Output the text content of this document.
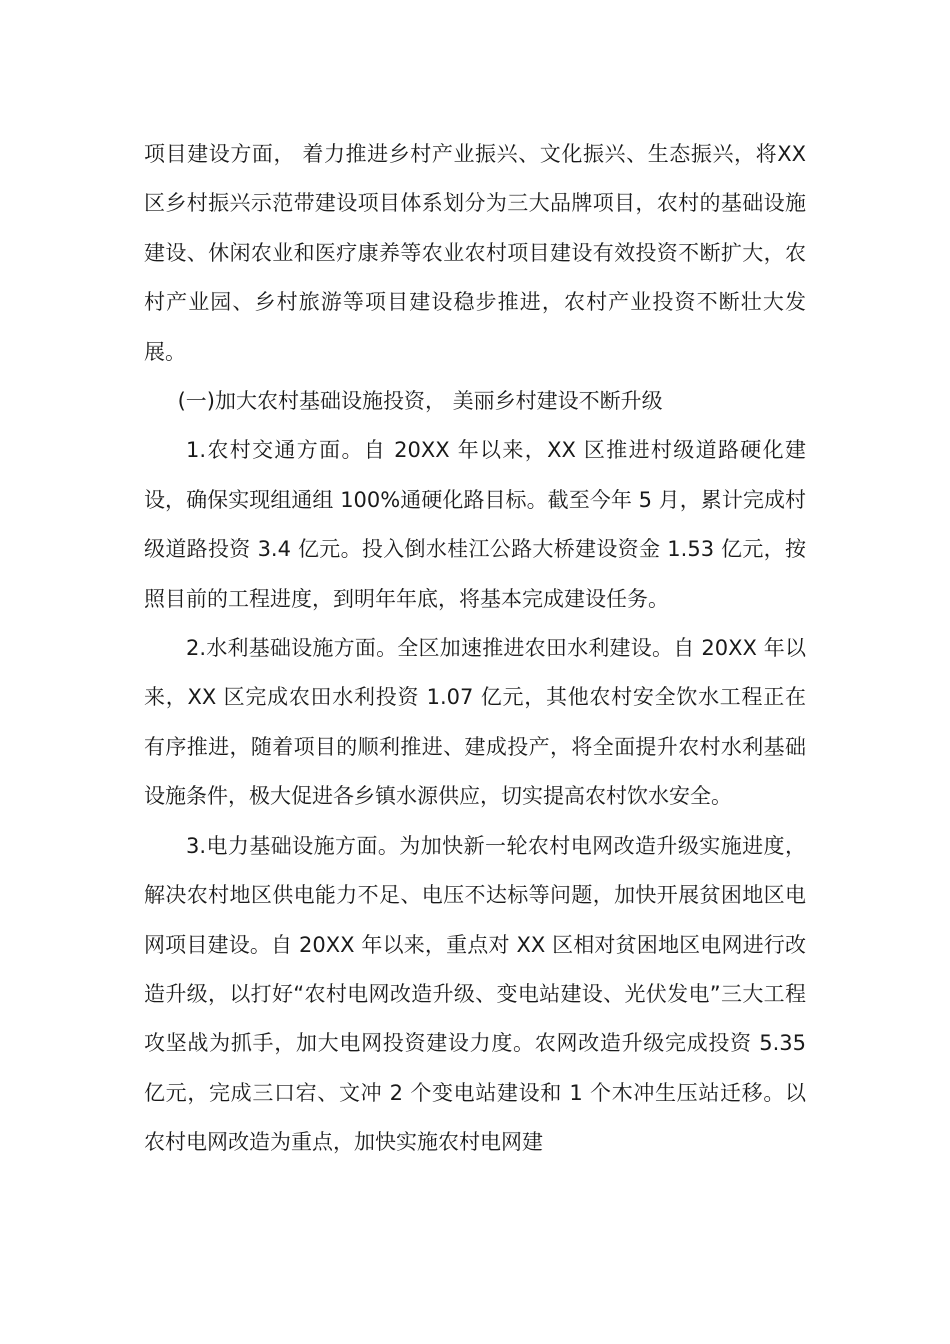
项目建设方面， 着力推进乡村产业振兴、文化振兴、生态振兴，将XX区乡村振兴示范带建设项目体系划分为三大品牌项目，农村的基础设施建设、休闲农业和医疗康养等农业农村项目建设有效投资不断扩大，农村产业园、乡村旅游等项目建设稳步推进，农村产业投资不断壮大发展。

(一)加大农村基础设施投资， 美丽乡村建设不断升级

1.农村交通方面。自 20XX 年以来，XX 区推进村级道路硬化建设，确保实现组通组 100%通硬化路目标。截至今年 5 月，累计完成村级道路投资 3.4 亿元。投入倒水桂江公路大桥建设资金 1.53 亿元，按照目前的工程进度，到明年年底，将基本完成建设任务。

2.水利基础设施方面。全区加速推进农田水利建设。自 20XX 年以来，XX 区完成农田水利投资 1.07 亿元，其他农村安全饮水工程正在有序推进，随着项目的顺利推进、建成投产，将全面提升农村水利基础设施条件，极大促进各乡镇水源供应，切实提高农村饮水安全。

3.电力基础设施方面。为加快新一轮农村电网改造升级实施进度，解决农村地区供电能力不足、电压不达标等问题，加快开展贫困地区电网项目建设。自 20XX 年以来，重点对 XX 区相对贫困地区电网进行改造升级，以打好“农村电网改造升级、变电站建设、光伏发电”三大工程攻坚战为抓手，加大电网投资建设力度。农网改造升级完成投资 5.35 亿元，完成三口宕、文冲 2 个变电站建设和 1 个木冲生压站迁移。以农村电网改造为重点，加快实施农村电网建
